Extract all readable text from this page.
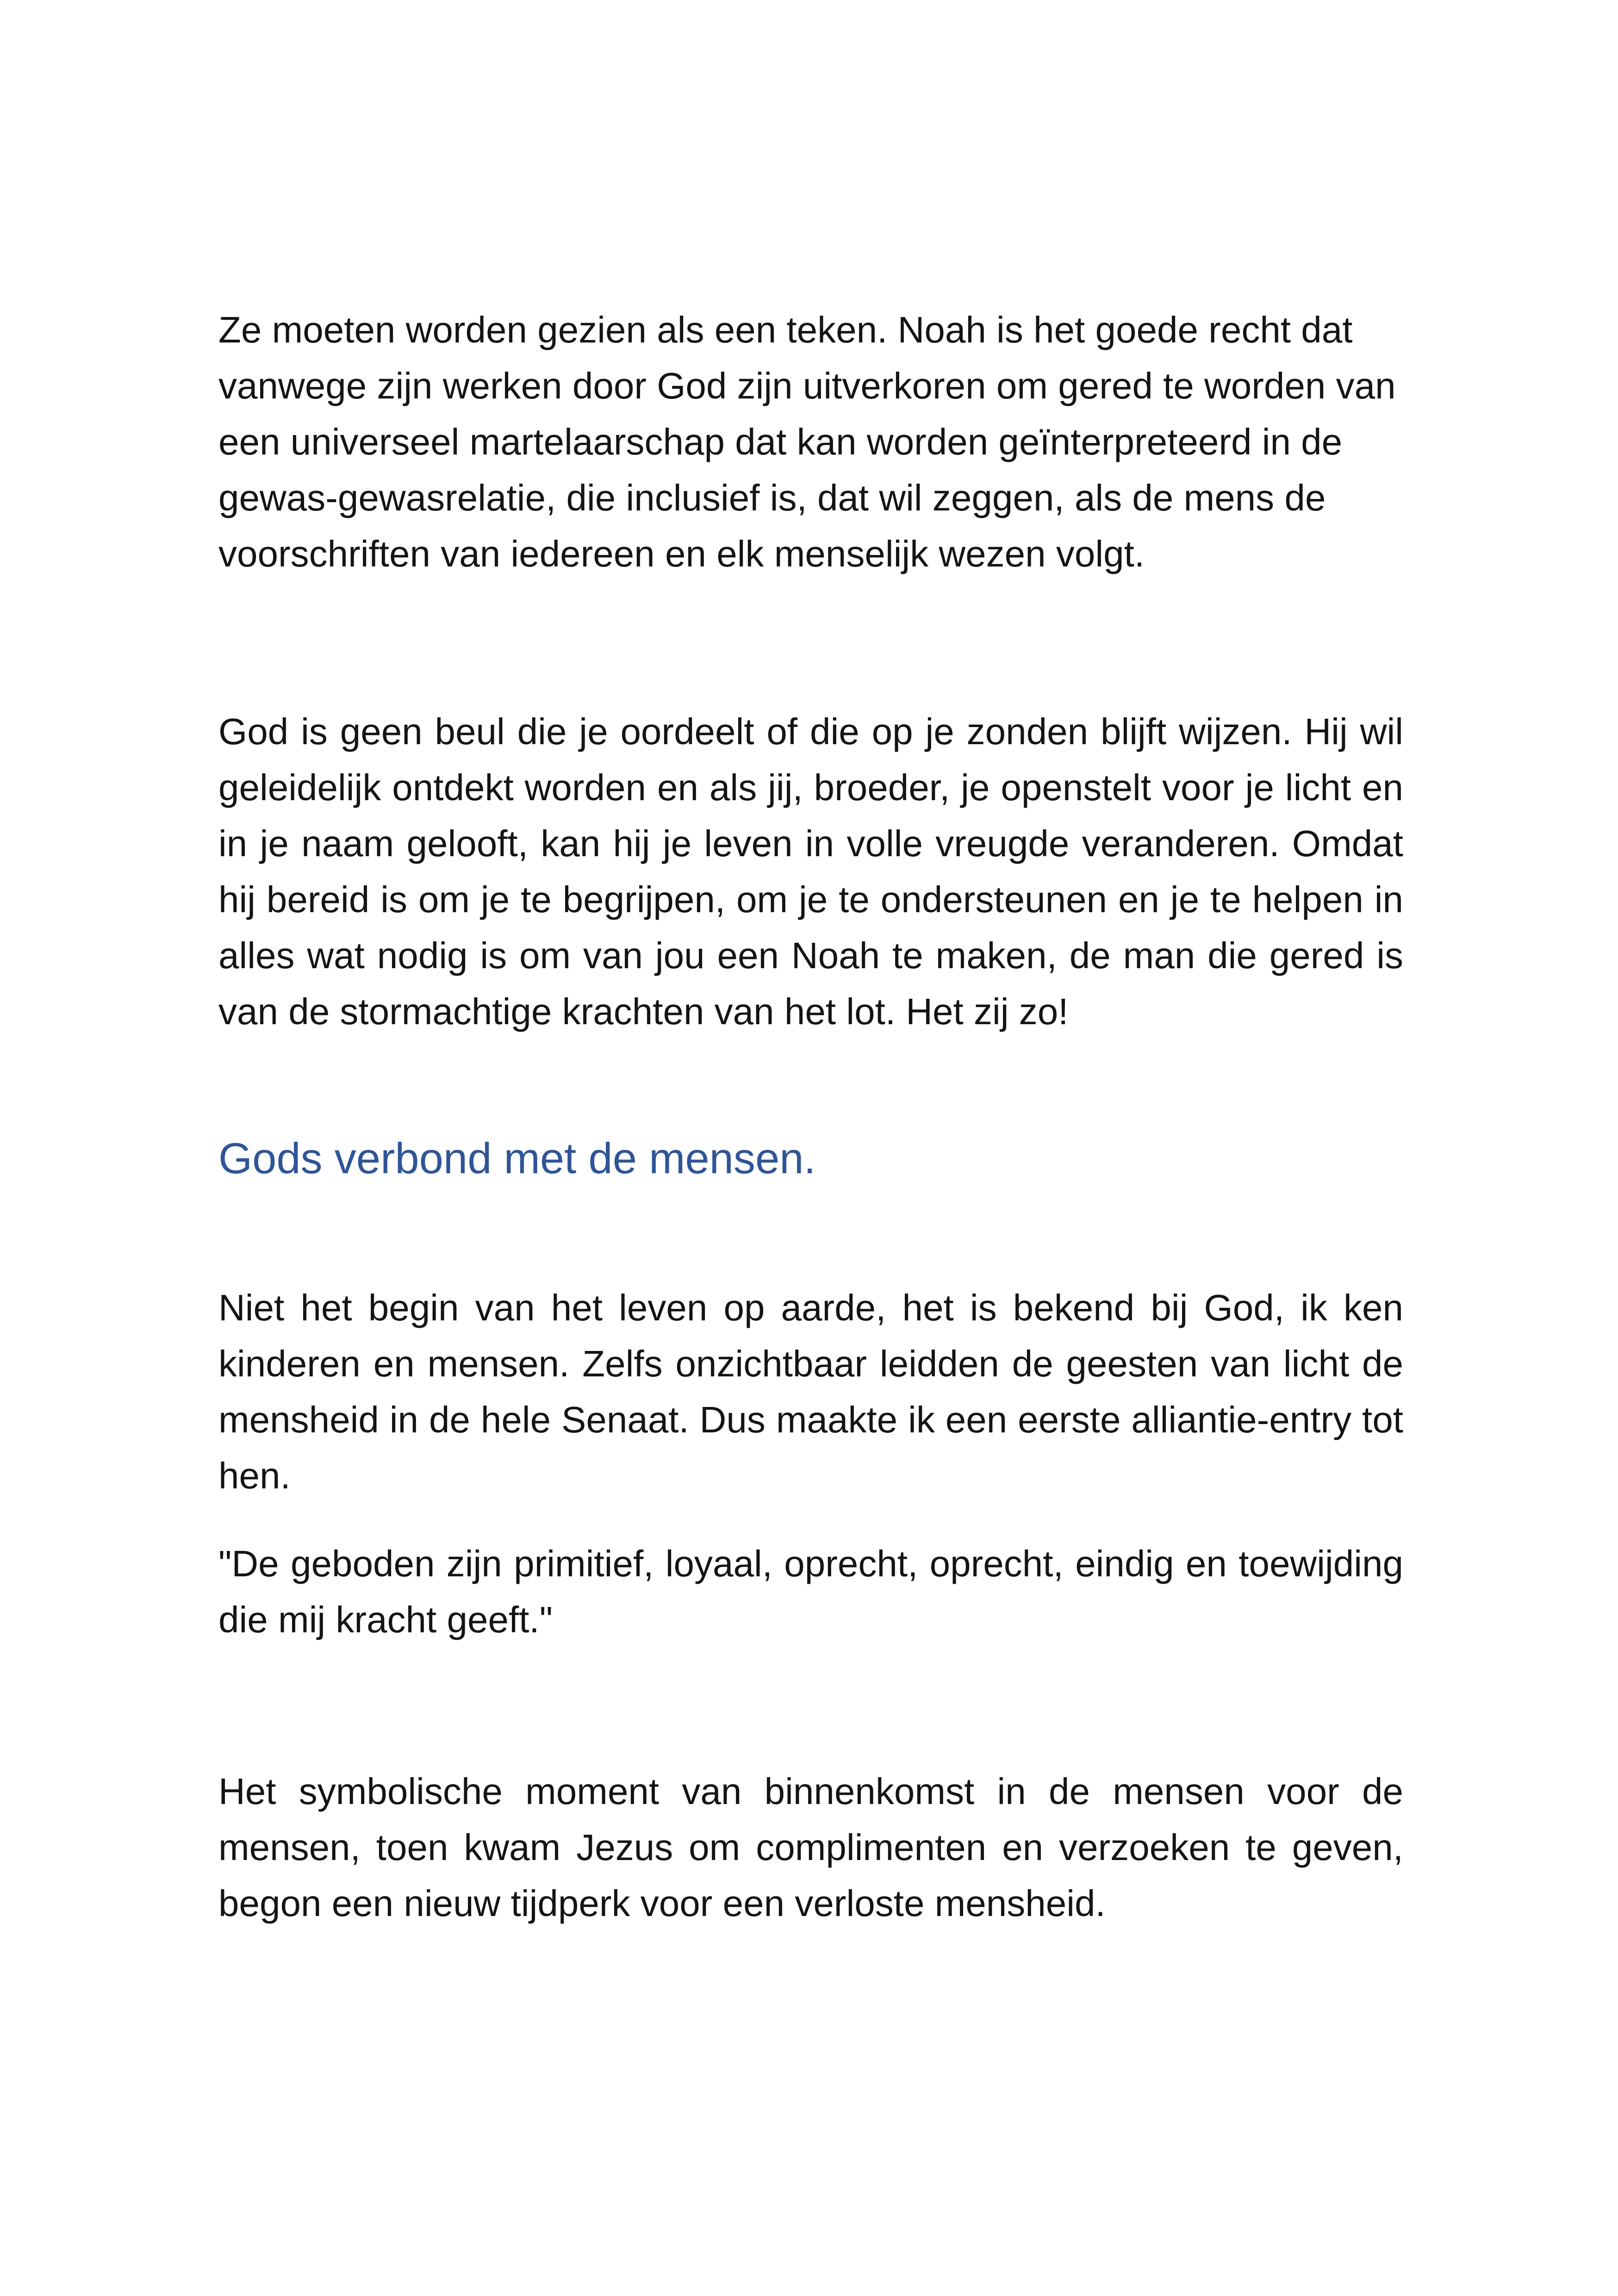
Ze moeten worden gezien als een teken. Noah is het goede recht dat vanwege zijn werken door God zijn uitverkoren om gered te worden van een universeel martelaarschap dat kan worden geïnterpreteerd in de gewas-gewasrelatie, die inclusief is, dat wil zeggen, als de mens de voorschriften van iedereen en elk menselijk wezen volgt.

God is geen beul die je oordeelt of die op je zonden blijft wijzen. Hij wil geleidelijk ontdekt worden en als jij, broeder, je openstelt voor je licht en in je naam gelooft, kan hij je leven in volle vreugde veranderen. Omdat hij bereid is om je te begrijpen, om je te ondersteunen en je te helpen in alles wat nodig is om van jou een Noah te maken, de man die gered is van de stormachtige krachten van het lot. Het zij zo!

Gods verbond met de mensen.

Niet het begin van het leven op aarde, het is bekend bij God, ik ken kinderen en mensen. Zelfs onzichtbaar leidden de geesten van licht de mensheid in de hele Senaat. Dus maakte ik een eerste alliantie-entry tot hen.

"De geboden zijn primitief, loyaal, oprecht, oprecht, eindig en toewijding die mij kracht geeft."

Het symbolische moment van binnenkomst in de mensen voor de mensen, toen kwam Jezus om complimenten en verzoeken te geven, begon een nieuw tijdperk voor een verloste mensheid.
